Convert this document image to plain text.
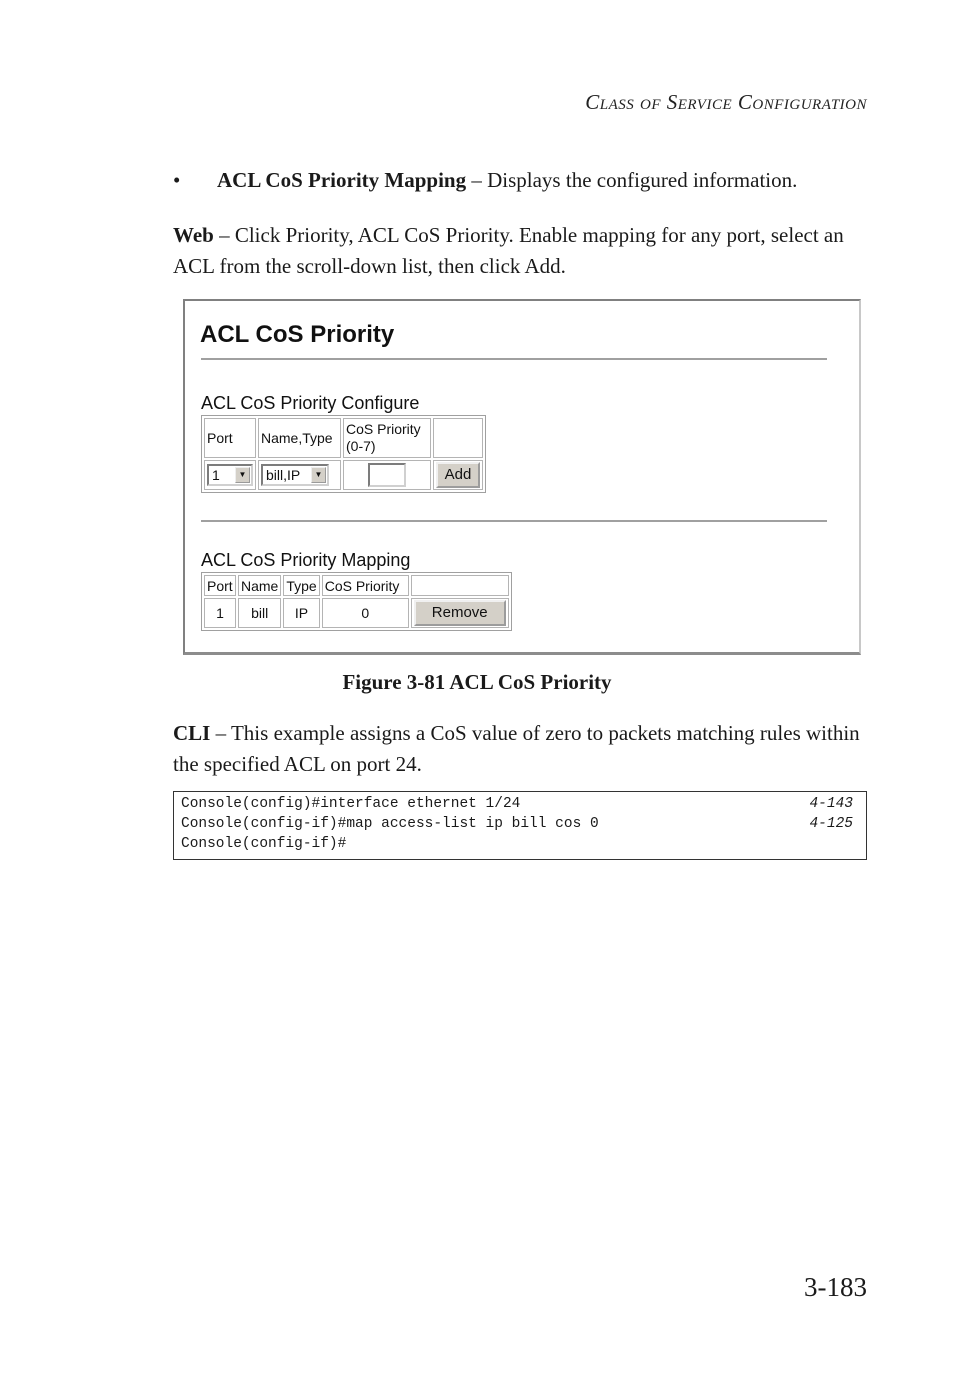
Class of Service Configuration
• ACL CoS Priority Mapping – Displays the configured information.
Web – Click Priority, ACL CoS Priority. Enable mapping for any port, select an ACL from the scroll-down list, then click Add.
ACL CoS Priority
ACL CoS Priority Configure
Port	Name,Type	CoS Priority (0-7)	
1 ▼	bill,IP ▼		Add
ACL CoS Priority Mapping
Port	Name	Type	CoS Priority	
1	bill	IP	0	Remove
Figure 3-81 ACL CoS Priority
CLI – This example assigns a CoS value of zero to packets matching rules within the specified ACL on port 24.
Console(config)#interface ethernet 1/24	4-143
Console(config-if)#map access-list ip bill cos 0	4-125
Console(config-if)#
3-183
